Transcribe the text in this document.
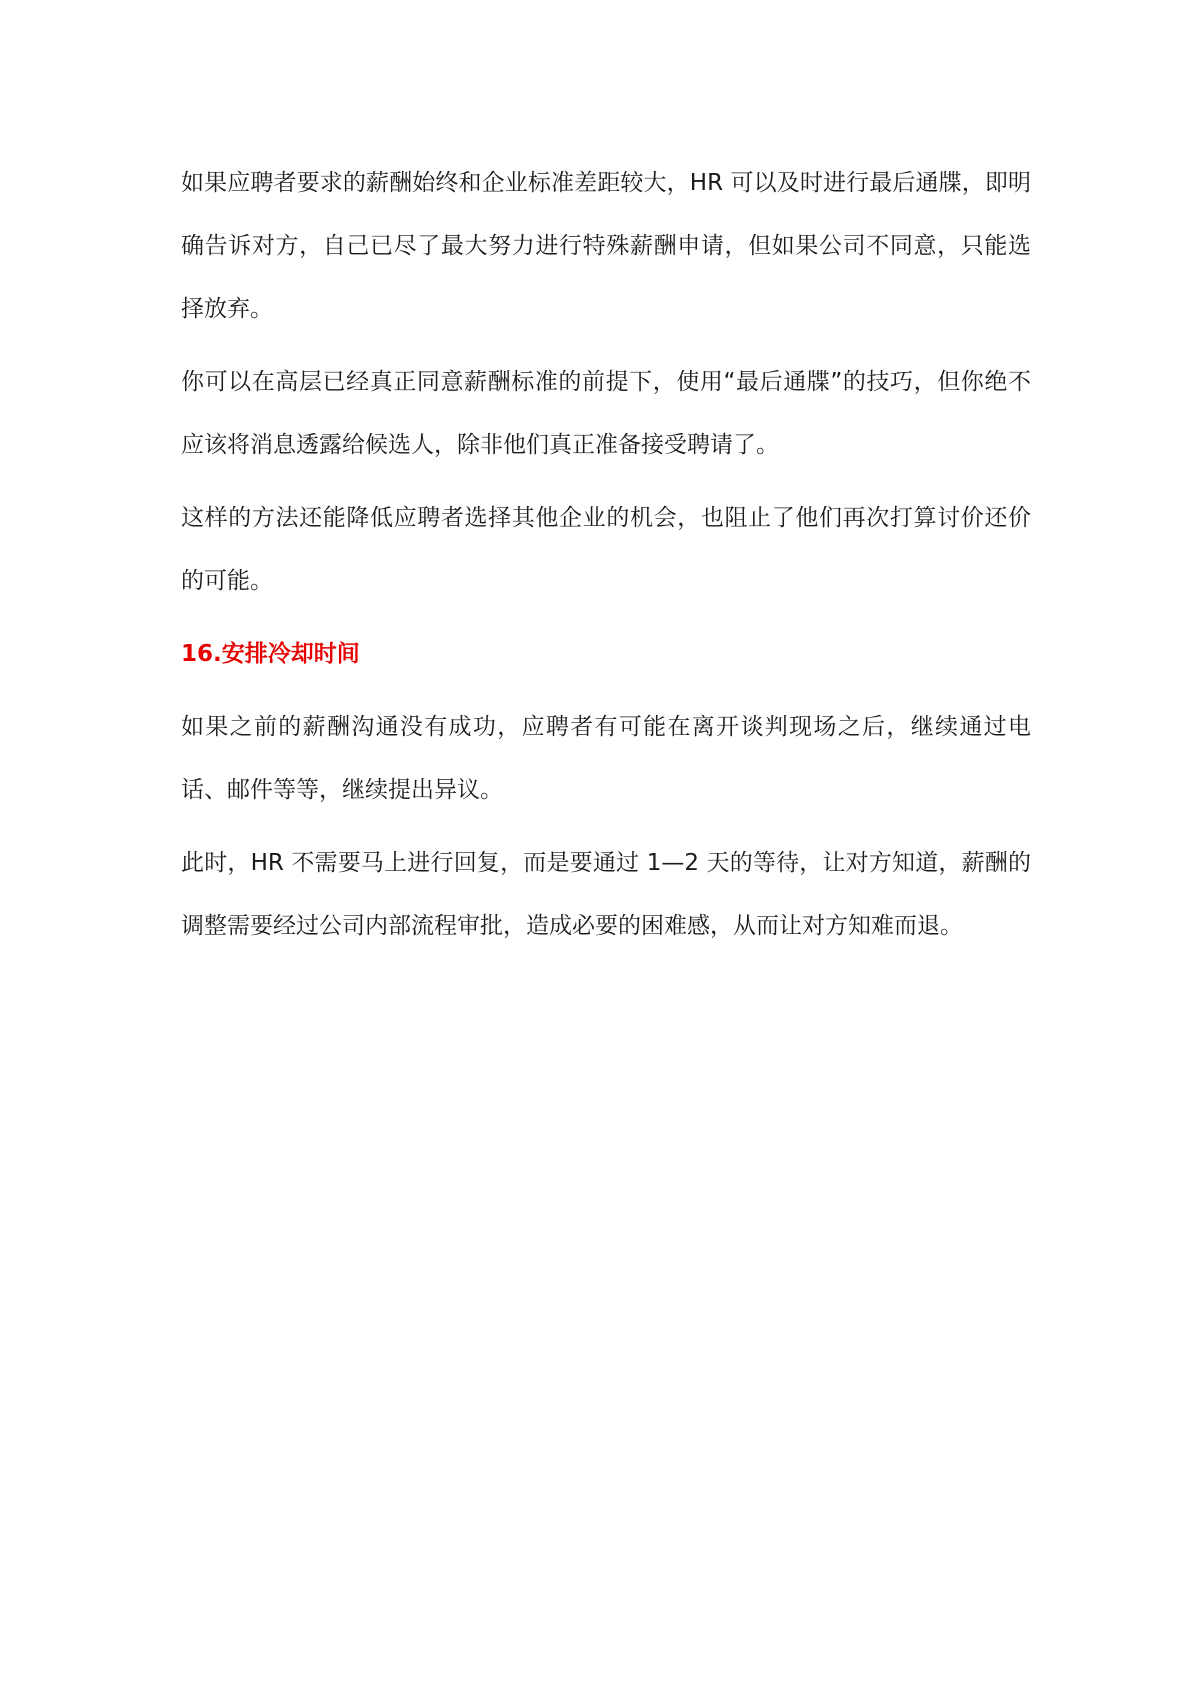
如果应聘者要求的薪酬始终和企业标准差距较大，HR 可以及时进行最后通牒，即明确告诉对方，自己已尽了最大努力进行特殊薪酬申请，但如果公司不同意，只能选择放弃。

你可以在高层已经真正同意薪酬标准的前提下，使用“最后通牒”的技巧，但你绝不应该将消息透露给候选人，除非他们真正准备接受聘请了。

这样的方法还能降低应聘者选择其他企业的机会，也阻止了他们再次打算讨价还价的可能。

16.安排冷却时间

如果之前的薪酬沟通没有成功，应聘者有可能在离开谈判现场之后，继续通过电话、邮件等等，继续提出异议。

此时，HR 不需要马上进行回复，而是要通过 1—2 天的等待，让对方知道，薪酬的调整需要经过公司内部流程审批，造成必要的困难感，从而让对方知难而退。
